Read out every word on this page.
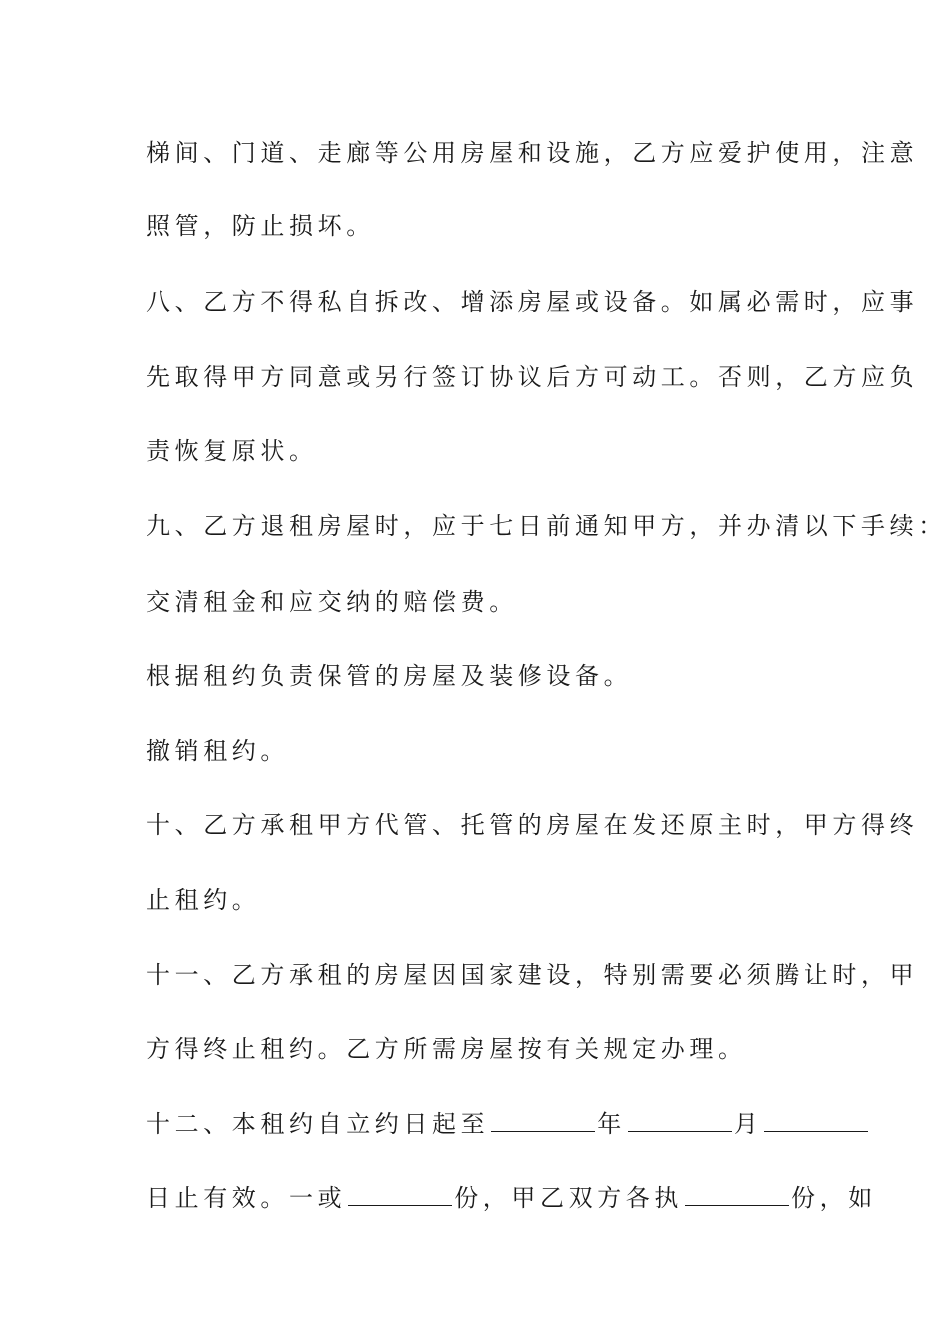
梯间、门道、走廊等公用房屋和设施，乙方应爱护使用，注意
照管，防止损坏。
八、乙方不得私自拆改、增添房屋或设备。如属必需时，应事
先取得甲方同意或另行签订协议后方可动工。否则，乙方应负
责恢复原状。
九、乙方退租房屋时，应于七日前通知甲方，并办清以下手续：
交清租金和应交纳的赔偿费。
根据租约负责保管的房屋及装修设备。
撤销租约。
十、乙方承租甲方代管、托管的房屋在发还原主时，甲方得终
止租约。
十一、乙方承租的房屋因国家建设，特别需要必须腾让时，甲
方得终止租约。乙方所需房屋按有关规定办理。
十二、本租约自立约日起至	年	月
日止有效。一或	份，甲乙双方各执	份，如
